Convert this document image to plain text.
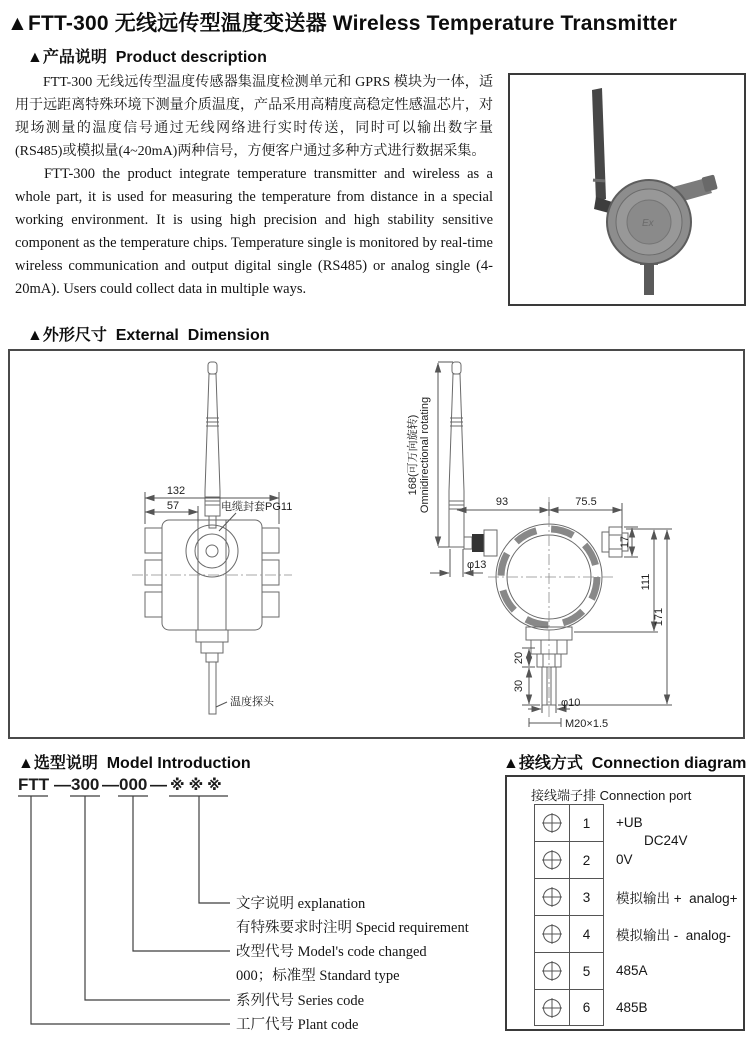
▲FTT-300 无线远传型温度变送器 Wireless Temperature Transmitter
▲产品说明  Product description

FTT-300 无线远传型温度传感器集温度检测单元和 GPRS 模块为一体，适用于远距离特殊环境下测量介质温度，产品采用高精度高稳定性感温芯片，对现场测量的温度信号通过无线网络进行实时传送，同时可以输出数字量(RS485)或模拟量(4~20mA)两种信号，方便客户通过多种方式进行数据采集。

FTT-300 the product integrate temperature transmitter and wireless as a whole part, it is used for measuring the temperature from distance in a special working environment. It is using high precision and high stability sensitive component as the temperature chips. Temperature single is monitored by real-time wireless communication and output digital single (RS485) or analog single (4-20mA). Users could collect data in multiple ways.

Ex
▲外形尺寸  External  Dimension
132
57	电缆封套PG11
温度探头
168(可万向旋转) Omnidirectional rotating	93	75.5
φ13
17
111
171
20
30
φ10
M20×1.5
▲选型说明  Model Introduction
FTT — 300 — 000 — ※※※
文字说明 explanation
有特殊要求时注明 Specid requirement
改型代号 Model's code changed
000；标准型 Standard type
系列代号 Series code
工厂代号 Plant code
▲接线方式  Connection diagram
接线端子排 Connection port
DC24V
1	+UB
2	0V
3	模拟输出 +  analog+
4	模拟输出 -  analog-
5	485A
6	485B
